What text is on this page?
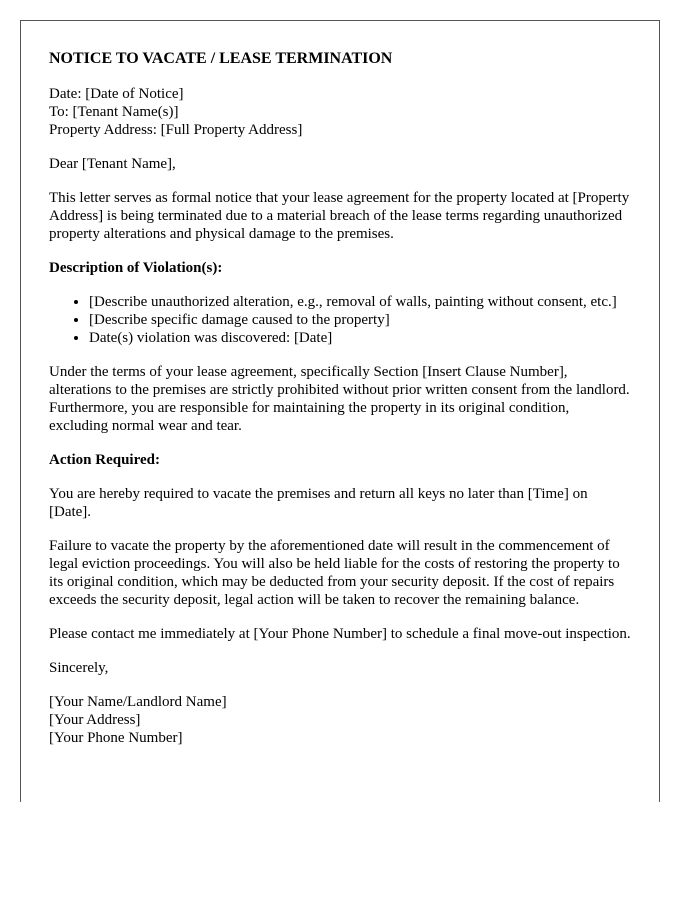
NOTICE TO VACATE / LEASE TERMINATION

Date: [Date of Notice]
To: [Tenant Name(s)]
Property Address: [Full Property Address]

Dear [Tenant Name],

This letter serves as formal notice that your lease agreement for the property located at [Property Address] is being terminated due to a material breach of the lease terms regarding unauthorized property alterations and physical damage to the premises.

Description of Violation(s):
• [Describe unauthorized alteration, e.g., removal of walls, painting without consent, etc.]
• [Describe specific damage caused to the property]
• Date(s) violation was discovered: [Date]

Under the terms of your lease agreement, specifically Section [Insert Clause Number], alterations to the premises are strictly prohibited without prior written consent from the landlord. Furthermore, you are responsible for maintaining the property in its original condition, excluding normal wear and tear.

Action Required:

You are hereby required to vacate the premises and return all keys no later than [Time] on [Date].

Failure to vacate the property by the aforementioned date will result in the commencement of legal eviction proceedings. You will also be held liable for the costs of restoring the property to its original condition, which may be deducted from your security deposit. If the cost of repairs exceeds the security deposit, legal action will be taken to recover the remaining balance.

Please contact me immediately at [Your Phone Number] to schedule a final move-out inspection.

Sincerely,

[Your Name/Landlord Name]
[Your Address]
[Your Phone Number]
